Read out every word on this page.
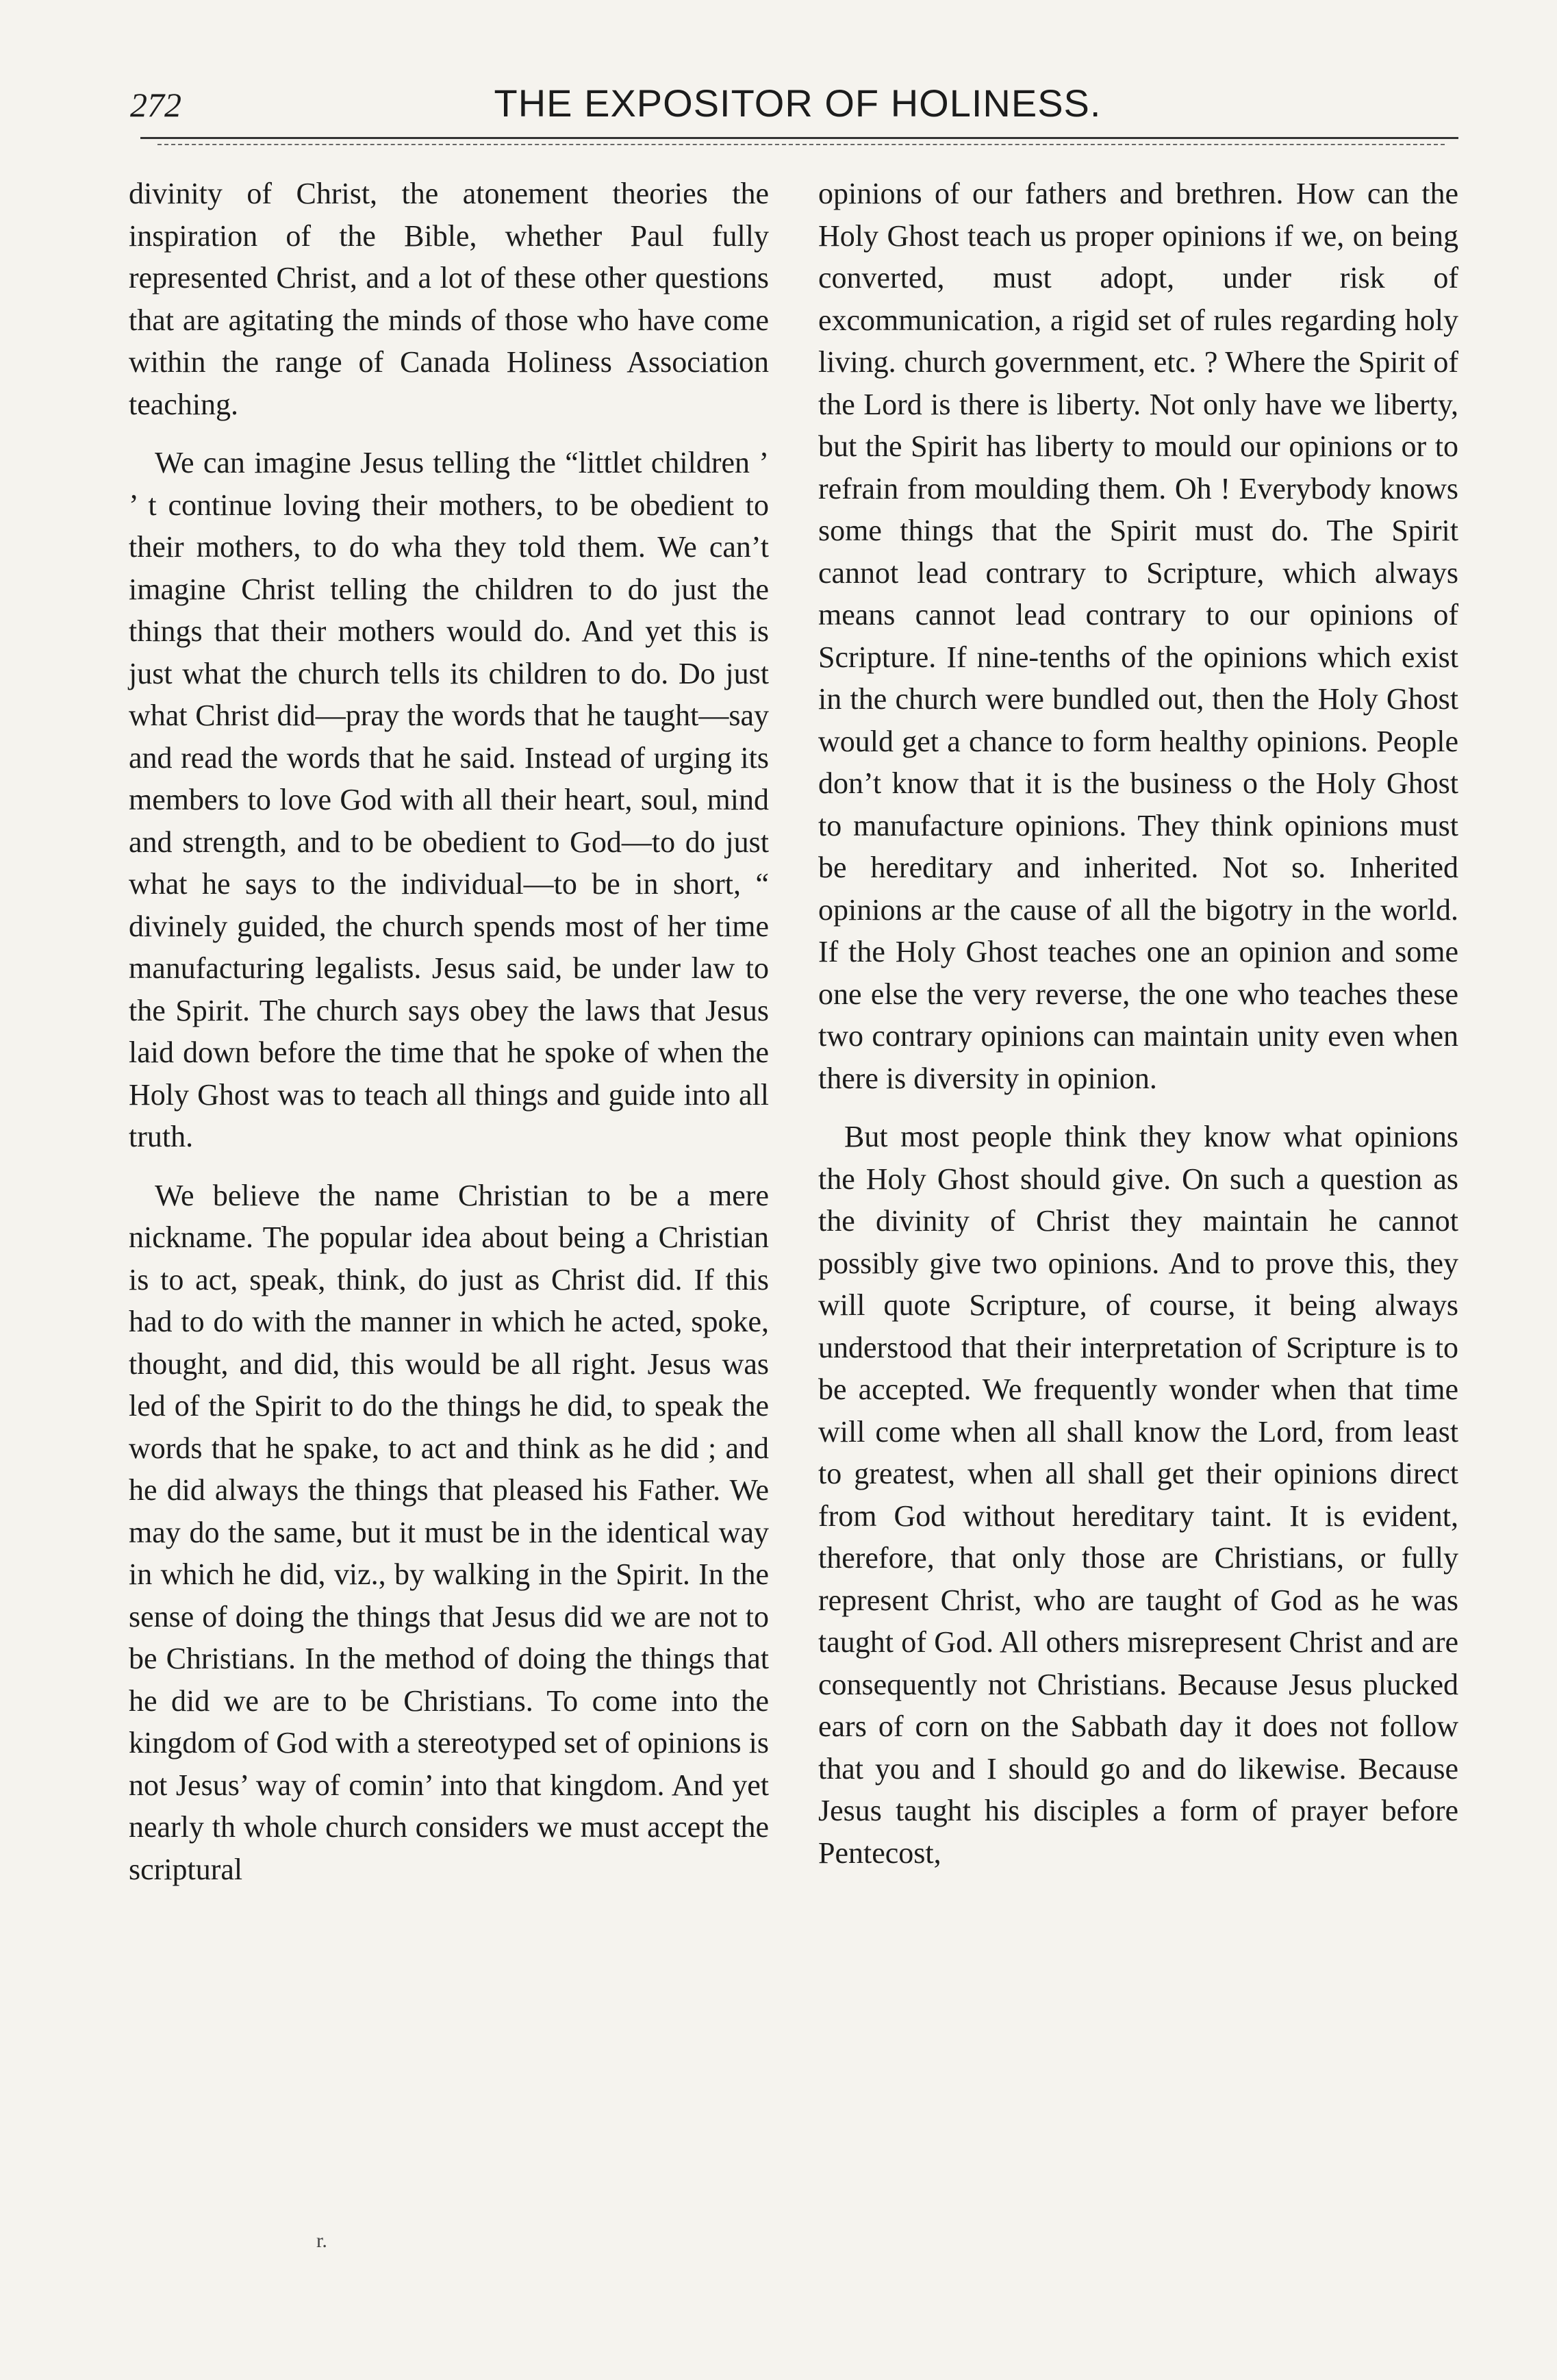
272	THE EXPOSITOR OF HOLINESS.

divinity of Christ, the atonement theories the inspiration of the Bible, whether Paul fully represented Christ, and a lot of these other questions that are agitating the minds of those who have come within the range of Canada Holiness Association teaching.

We can imagine Jesus telling the “littlet children ’ ’ t continue loving their mothers, to be obedient to their mothers, to do wha they told them. We can’t imagine Christ telling the children to do just the things that their mothers would do. And yet this is just what the church tells its children to do. Do just what Christ did—pray the words that he taught—say and read the words that he said. Instead of urging its members to love God with all their heart, soul, mind and strength, and to be obedient to God—to do just what he says to the individual—to be in short, “ divinely guided, the church spends most of her time manufacturing legalists. Jesus said, be under law to the Spirit. The church says obey the laws that Jesus laid down before the time that he spoke of when the Holy Ghost was to teach all things and guide into all truth.

We believe the name Christian to be a mere nickname. The popular idea about being a Christian is to act, speak, think, do just as Christ did. If this had to do with the manner in which he acted, spoke, thought, and did, this would be all right. Jesus was led of the Spirit to do the things he did, to speak the words that he spake, to act and think as he did ; and he did always the things that pleased his Father. We may do the same, but it must be in the identical way in which he did, viz., by walking in the Spirit. In the sense of doing the things that Jesus did we are not to be Christians. In the method of doing the things that he did we are to be Christians. To come into the kingdom of God with a stereotyped set of opinions is not Jesus’ way of comin’ into that kingdom. And yet nearly th whole church considers we must accept the scriptural

opinions of our fathers and brethren. How can the Holy Ghost teach us proper opinions if we, on being converted, must adopt, under risk of excommunication, a rigid set of rules regarding holy living. church government, etc. ? Where the Spirit of the Lord is there is liberty. Not only have we liberty, but the Spirit has liberty to mould our opinions or to refrain from moulding them. Oh ! Everybody knows some things that the Spirit must do. The Spirit cannot lead contrary to Scripture, which always means cannot lead contrary to our opinions of Scripture. If nine-tenths of the opinions which exist in the church were bundled out, then the Holy Ghost would get a chance to form healthy opinions. People don’t know that it is the business o the Holy Ghost to manufacture opinions. They think opinions must be hereditary and inherited. Not so. Inherited opinions ar the cause of all the bigotry in the world. If the Holy Ghost teaches one an opinion and some one else the very reverse, the one who teaches these two contrary opinions can maintain unity even when there is diversity in opinion.

But most people think they know what opinions the Holy Ghost should give. On such a question as the divinity of Christ they maintain he cannot possibly give two opinions. And to prove this, they will quote Scripture, of course, it being always understood that their interpretation of Scripture is to be accepted. We frequently wonder when that time will come when all shall know the Lord, from least to greatest, when all shall get their opinions direct from God without hereditary taint. It is evident, therefore, that only those are Christians, or fully represent Christ, who are taught of God as he was taught of God. All others misrepresent Christ and are consequently not Christians. Because Jesus plucked ears of corn on the Sabbath day it does not follow that you and I should go and do likewise. Because Jesus taught his disciples a form of prayer before Pentecost,

r.
